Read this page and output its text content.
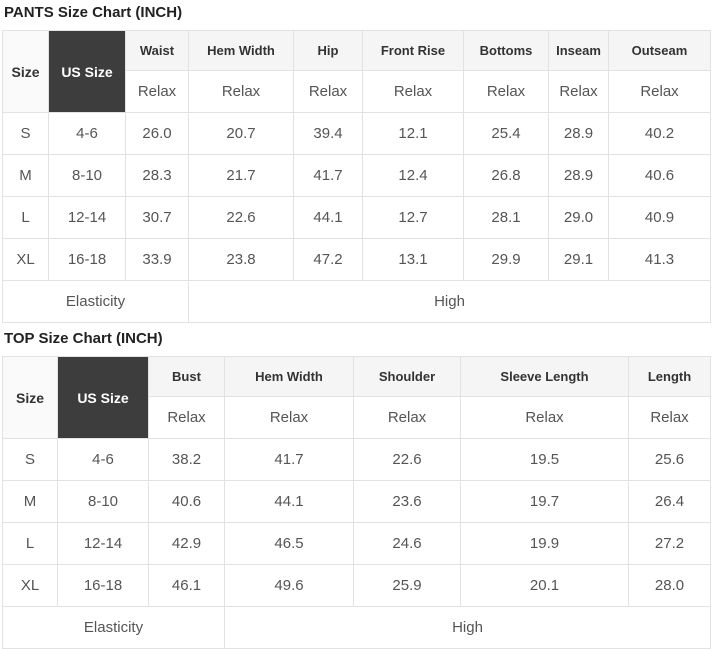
PANTS Size Chart (INCH)
Size	US Size	Waist	Hem Width	Hip	Front Rise	Bottoms	Inseam	Outseam
		Relax	Relax	Relax	Relax	Relax	Relax	Relax
S	4-6	26.0	20.7	39.4	12.1	25.4	28.9	40.2
M	8-10	28.3	21.7	41.7	12.4	26.8	28.9	40.6
L	12-14	30.7	22.6	44.1	12.7	28.1	29.0	40.9
XL	16-18	33.9	23.8	47.2	13.1	29.9	29.1	41.3
Elasticity			High					
TOP Size Chart (INCH)
Size	US Size	Bust	Hem Width	Shoulder	Sleeve Length	Length
		Relax	Relax	Relax	Relax	Relax
S	4-6	38.2	41.7	22.6	19.5	25.6
M	8-10	40.6	44.1	23.6	19.7	26.4
L	12-14	42.9	46.5	24.6	19.9	27.2
XL	16-18	46.1	49.6	25.9	20.1	28.0
Elasticity			High			
